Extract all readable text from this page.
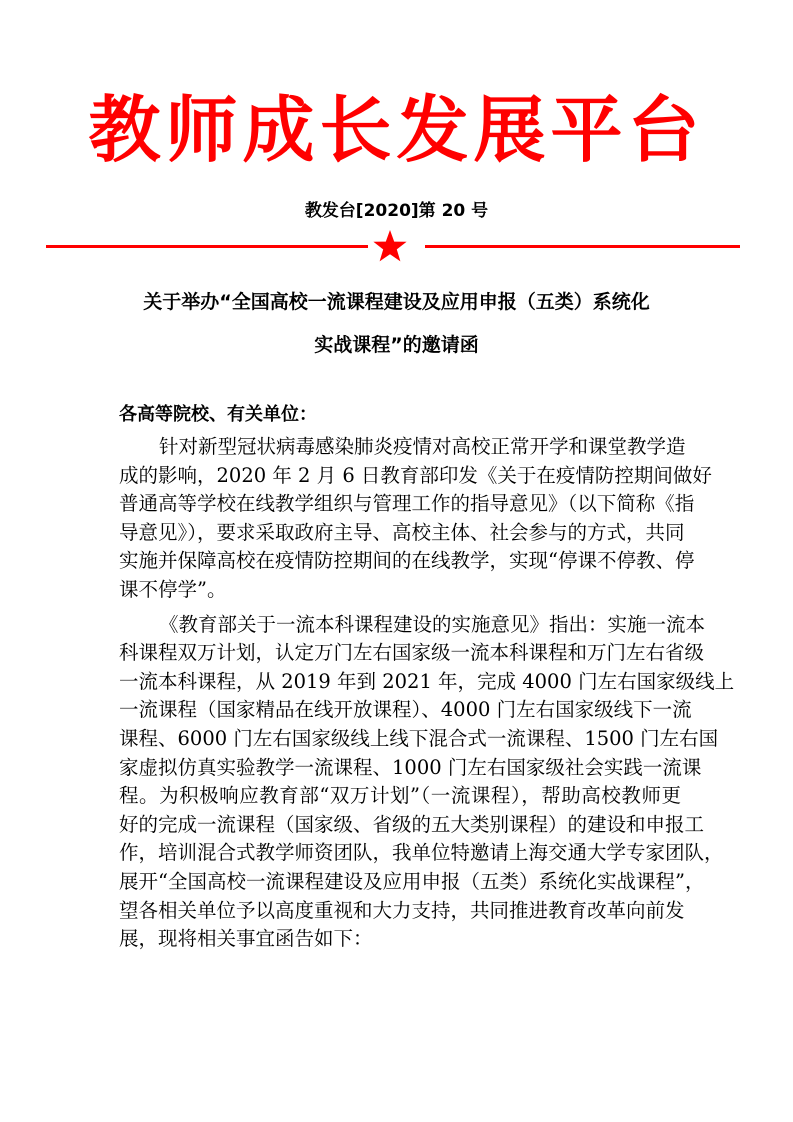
教师成长发展平台
教发台[2020]第 20 号
关于举办“全国高校一流课程建设及应用申报（五类）系统化
实战课程”的邀请函
各高等院校、有关单位：
针对新型冠状病毒感染肺炎疫情对高校正常开学和课堂教学造
成的影响，2020 年 2 月 6 日教育部印发《关于在疫情防控期间做好
普通高等学校在线教学组织与管理工作的指导意见》（以下简称《指
导意见》），要求采取政府主导、高校主体、社会参与的方式，共同
实施并保障高校在疫情防控期间的在线教学，实现“停课不停教、停
课不停学”。
《教育部关于一流本科课程建设的实施意见》指出：实施一流本
科课程双万计划，认定万门左右国家级一流本科课程和万门左右省级
一流本科课程，从 2019 年到 2021 年，完成 4000 门左右国家级线上
一流课程（国家精品在线开放课程）、4000 门左右国家级线下一流
课程、6000 门左右国家级线上线下混合式一流课程、1500 门左右国
家虚拟仿真实验教学一流课程、1000 门左右国家级社会实践一流课
程。为积极响应教育部“双万计划”（一流课程），帮助高校教师更
好的完成一流课程（国家级、省级的五大类别课程）的建设和申报工
作，培训混合式教学师资团队，我单位特邀请上海交通大学专家团队，
展开“全国高校一流课程建设及应用申报（五类）系统化实战课程”，
望各相关单位予以高度重视和大力支持，共同推进教育改革向前发
展，现将相关事宜函告如下：
